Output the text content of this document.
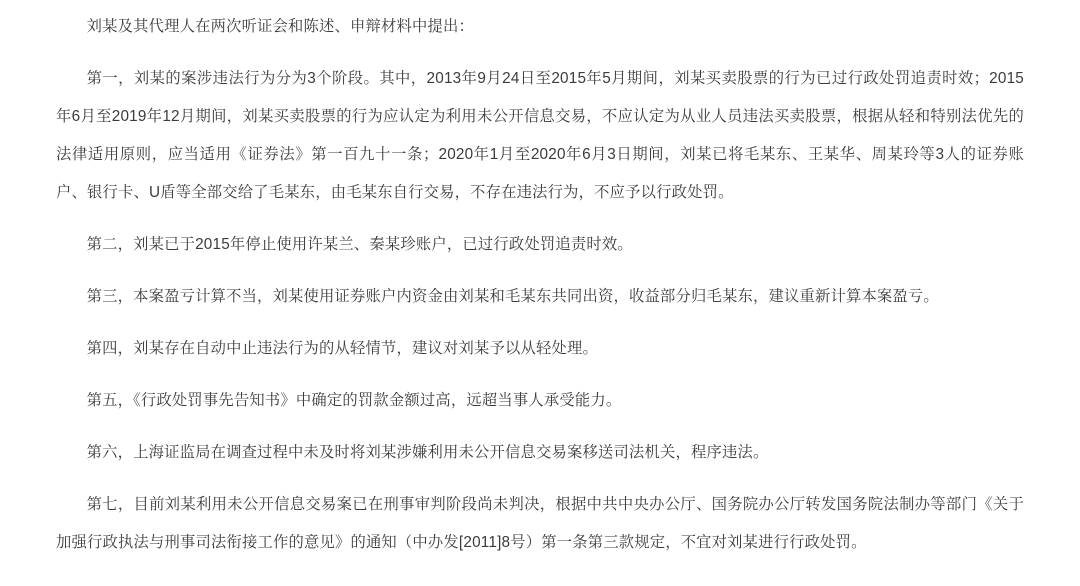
刘某及其代理人在两次听证会和陈述、申辩材料中提出：

第一，刘某的案涉违法行为分为3个阶段。其中，2013年9月24日至2015年5月期间，刘某买卖股票的行为已过行政处罚追责时效；2015年6月至2019年12月期间，刘某买卖股票的行为应认定为利用未公开信息交易，不应认定为从业人员违法买卖股票，根据从轻和特别法优先的法律适用原则，应当适用《证券法》第一百九十一条；2020年1月至2020年6月3日期间，刘某已将毛某东、王某华、周某玲等3人的证券账户、银行卡、U盾等全部交给了毛某东，由毛某东自行交易，不存在违法行为，不应予以行政处罚。

第二，刘某已于2015年停止使用许某兰、秦某珍账户，已过行政处罚追责时效。

第三，本案盈亏计算不当，刘某使用证券账户内资金由刘某和毛某东共同出资，收益部分归毛某东，建议重新计算本案盈亏。

第四，刘某存在自动中止违法行为的从轻情节，建议对刘某予以从轻处理。

第五，《行政处罚事先告知书》中确定的罚款金额过高，远超当事人承受能力。

第六，上海证监局在调查过程中未及时将刘某涉嫌利用未公开信息交易案移送司法机关，程序违法。

第七，目前刘某利用未公开信息交易案已在刑事审判阶段尚未判决，根据中共中央办公厅、国务院办公厅转发国务院法制办等部门《关于加强行政执法与刑事司法衔接工作的意见》的通知（中办发[2011]8号）第一条第三款规定，不宜对刘某进行行政处罚。
